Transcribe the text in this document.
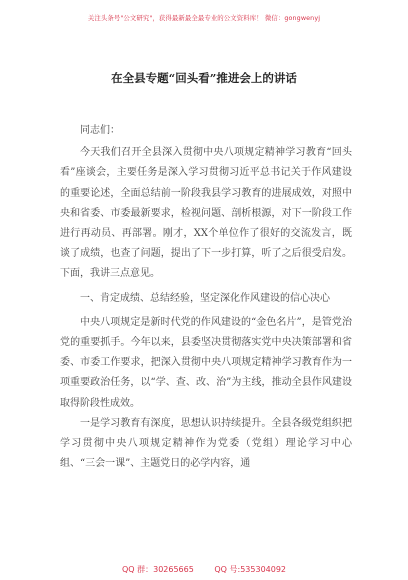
关注头条号"公文研究"，获得最新最全最专业的公文资料库！ 微信：gongwenyj
在全县专题“回头看”推进会上的讲话

同志们：

今天我们召开全县深入贯彻中央八项规定精神学习教育“回头看”座谈会，主要任务是深入学习贯彻习近平总书记关于作风建设的重要论述，全面总结前一阶段我县学习教育的进展成效，对照中央和省委、市委最新要求，检视问题、剖析根源，对下一阶段工作进行再动员、再部署。刚才，XX个单位作了很好的交流发言，既谈了成绩，也查了问题，提出了下一步打算，听了之后很受启发。下面，我讲三点意见。

一、肯定成绩、总结经验，坚定深化作风建设的信心决心

中央八项规定是新时代党的作风建设的“金色名片”，是管党治党的重要抓手。今年以来，县委坚决贯彻落实党中央决策部署和省委、市委工作要求，把深入贯彻中央八项规定精神学习教育作为一项重要政治任务，以“学、查、改、治”为主线，推动全县作风建设取得阶段性成效。

一是学习教育有深度，思想认识持续提升。全县各级党组织把学习贯彻中央八项规定精神作为党委（党组）理论学习中心组、“三会一课”、主题党日的必学内容，通

QQ 群：30265665	QQ 号:535304092
